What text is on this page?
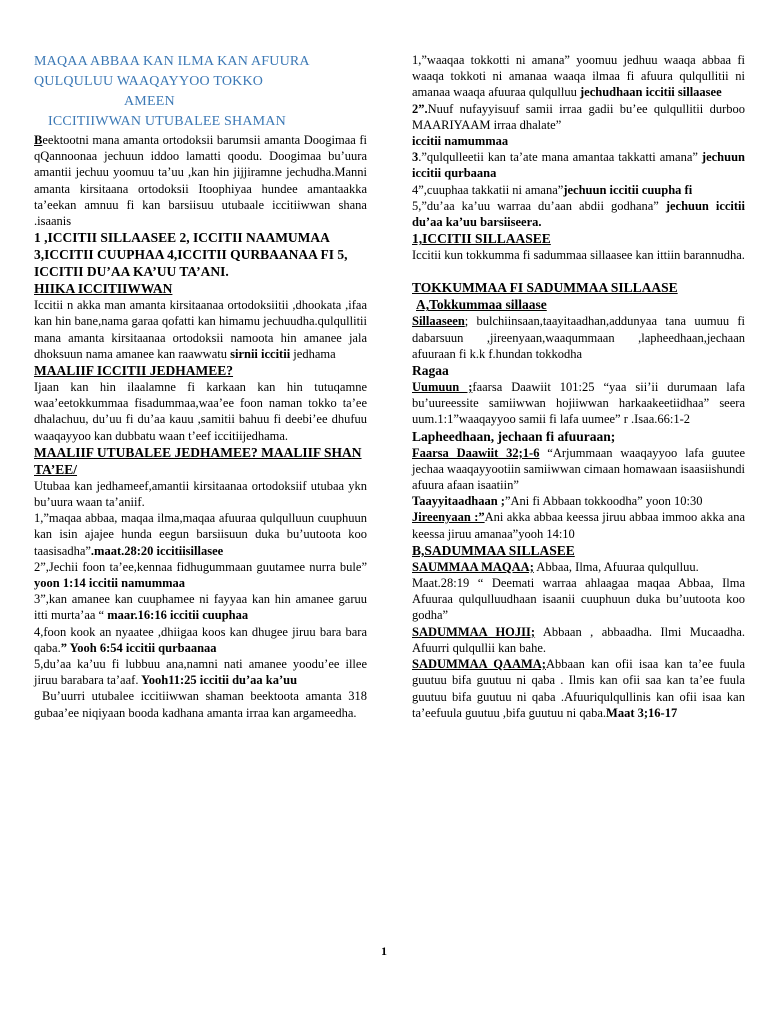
MAQAA ABBAA KAN ILMA KAN AFUURA
QULQULUU WAAQAYYOO TOKKO
AMEEN
ICCITIIWWAN UTUBALEE SHAMAN

Beektootni mana amanta ortodoksii barumsii amanta Doogimaa fi qQannoonaa jechuun iddoo lamatti qoodu. Doogimaa bu’uura amantii jechuu yoomuu ta’uu ,kan hin jijjiramne jechudha.Manni amanta kirsitaana ortodoksii Itoophiyaa hundee amantaakka ta’eekan amnuu fi kan barsiisuu utubaale iccitiiwwan shana .isaanis

1 ,ICCITII SILLAASEE 2, ICCITII NAAMUMAA 3,ICCITII CUUPHAA 4,ICCITII QURBAANAA FI 5, ICCITII DU’AA KA’UU TA’ANI.

HIIKA ICCITIIWWAN

Iccitii n akka man amanta kirsitaanaa ortodoksiitii ,dhookata ,ifaa kan hin bane,nama garaa qofatti kan himamu jechuudha.qulqullitii mana amanta kirsitaanaa ortodoksii namoota hin amanee jala dhoksuun nama amanee kan raawwatu sirnii iccitii jedhama

MAALIIF ICCITII JEDHAMEE?

Ijaan kan hin ilaalamne fi karkaan kan hin tutuqamne waa’eetokkummaa fisadummaa,waa’ee foon naman tokko ta’ee dhalachuu, du’uu fi du’aa kauu ,samitii bahuu fi deebi’ee dhufuu waaqayyoo kan dubbatu waan t’eef iccitiijedhama.

MAALIIF UTUBALEE JEDHAMEE? MAALIIF SHAN TA’EE/

Utubaa kan jedhameef,amantii kirsitaanaa ortodoksiif utubaa ykn bu’uura waan ta’aniif.

1,”maqaa abbaa, maqaa ilma,maqaa afuuraa qulqulluun cuuphuun kan isin ajajee hunda eegun barsiisuun duka bu’uutoota koo taasisadha”.maat.28:20 iccitiisillasee

2”,Jechii foon ta’ee,kennaa fidhugummaan guutamee nurra bule” yoon 1:14 iccitii namummaa

3”,kan amanee kan cuuphamee ni fayyaa kan hin amanee garuu itti murta’aa “ maar.16:16 iccitii cuuphaa

4,foon kook an nyaatee ,dhiigaa koos kan dhugee jiruu bara bara qaba.” Yooh 6:54 iccitii qurbaanaa

5,du’aa ka’uu fi lubbuu ana,namni nati amanee yoodu’ee illee jiruu barabara ta’aaf. Yooh11:25 iccitii du’aa ka’uu

Bu’uurri utubalee iccitiiwwan shaman beektoota amanta 318 gubaa’ee niqiyaan booda kadhana amanta irraa kan argameedha.

1,”waaqaa tokkotti ni amana” yoomuu jedhuu waaqa abbaa fi waaqa tokkoti ni amanaa waaqa ilmaa fi afuura qulqullitii ni amanaa waaqa afuuraa qulqulluu jechudhaan iccitii sillaasee

2”.Nuuf nufayyisuuf samii irraa gadii bu’ee qulqullitii durboo MAARIYAAM irraa dhalate”
iccitii namummaa

3.”qulqulleetii kan ta’ate mana amantaa takkatti amana” jechuun iccitii qurbaana

4”,cuuphaa takkatii ni amana”jechuun iccitii cuupha fi

5,”du’aa ka’uu warraa du’aan abdii godhana” jechuun iccitii du’aa ka’uu barsiiseera.

1,ICCITII SILLAASEE

Iccitii kun tokkumma fi sadummaa sillaasee kan ittiin barannudha.

TOKKUMMAA FI SADUMMAA SILLAASE

A,Tokkummaa sillaase

Sillaaseen; bulchiinsaan,taayitaadhan,addunyaa tana uumuu fi dabarsuun ,jireenyaan,waaqummaan ,lapheedhaan,jechaan afuuraan fi k.k f.hundan tokkodha

Ragaa

Uumuun ;faarsa Daawiit 101:25 “yaa sii’ii durumaan lafa bu’uureessite samiiwwan hojiiwwan harkaakeetiidhaa” seera uum.1:1”waaqayyoo samii fi lafa uumee” r .Isaa.66:1-2

Lapheedhaan, jechaan fi afuuraan;

Faarsa Daawiit 32;1-6 “Arjummaan waaqayyoo lafa guutee jechaa waaqayyootiin samiiwwan cimaan homawaan isaasiishundi afuura afaan isaatiin”

Taayyitaadhaan ;”Ani fi Abbaan tokkoodha” yoon 10:30

Jireenyaan :”Ani akka abbaa keessa jiruu abbaa immoo akka ana keessa jiruu amanaa”yooh 14:10

B,SADUMMAA SILLASEE

SAUMMAA MAQAA; Abbaa, Ilma, Afuuraa qulqulluu.

Maat.28:19 “ Deemati warraa ahlaagaa maqaa Abbaa, Ilma Afuuraa qulqulluudhaan isaanii cuuphuun duka bu’uutoota koo godha”

SADUMMAA HOJII; Abbaan , abbaadha. Ilmi Mucaadha. Afuurri qulqullii kan bahe.

SADUMMAA QAAMA;Abbaan kan ofii isaa kan ta’ee fuula guutuu bifa guutuu ni qaba . Ilmis kan ofii saa kan ta’ee fuula guutuu bifa guutuu ni qaba .Afuuriqulqullinis kan ofii isaa kan ta’eefuula guutuu ,bifa guutuu ni qaba.Maat 3;16-17

1
